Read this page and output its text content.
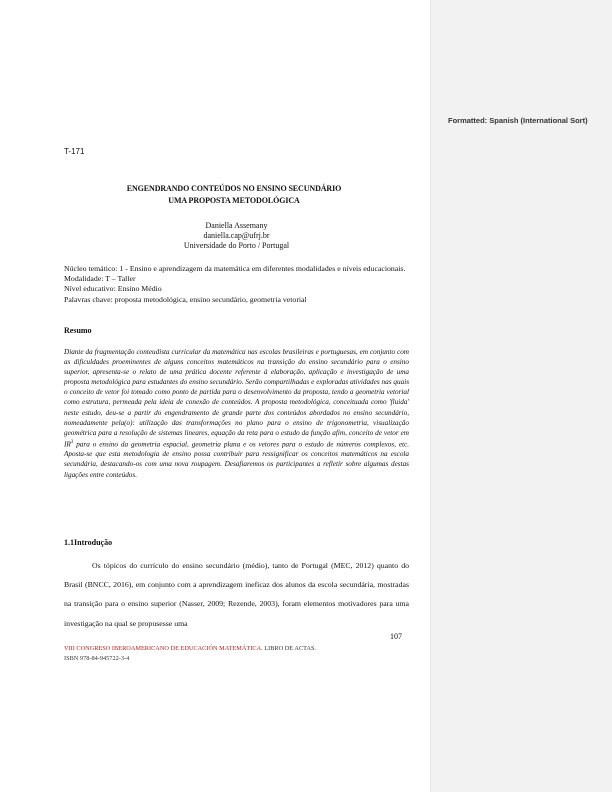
Formatted: Spanish (International Sort)
T-171
ENGENDRANDO CONTEÚDOS NO ENSINO SECUNDÁRIO
UMA PROPOSTA METODOLÓGICA
Daniella Assemany
daniella.cap@ufrj.br
Universidade do Porto / Portugal
Núcleo temático: 1 - Ensino e aprendizagem da matemática em diferentes modalidades e níveis educacionais.
Modalidade: T – Taller
Nível educativo: Ensino Médio
Palavras chave: proposta metodológica, ensino secundário, geometria vetorial
Resumo

Diante da fragmentação conteudista curricular da matemática nas escolas brasileiras e portuguesas, em conjunto com as dificuldades proeminentes de alguns conceitos matemáticos na transição do ensino secundário para o ensino superior, apresenta-se o relato de uma prática docente referente à elaboração, aplicação e investigação de uma proposta metodológica para estudantes do ensino secundário. Serão compartilhadas e exploradas atividades nas quais o conceito de vetor foi tomado como ponto de partida para o desenvolvimento da proposta, tendo a geometria vetorial como estrutura, permeada pela ideia de conexão de conteúdos. A proposta metodológica, conceituada como 'fluida' neste estudo, deu-se a partir do engendramento de grande parte dos conteúdos abordados no ensino secundário, nomeadamente pela(o): utilização das transformações no plano para o ensino de trigonometria, visualização geométrica para a resolução de sistemas lineares, equação da reta para o estudo da função afim, conceito de vetor em $IR^3$ para o ensino da geometria espacial, geometria plana e os vetores para o estudo de números complexos, etc. Aposta-se que esta metodologia de ensino possa contribuir para ressignificar os conceitos matemáticos na escola secundária, destacando-os com uma nova roupagem. Desafiaremos os participantes a refletir sobre algumas destas ligações entre conteúdos.

1.1Introdução

Os tópicos do currículo do ensino secundário (médio), tanto de Portugal (MEC, 2012) quanto do Brasil (BNCC, 2016), em conjunto com a aprendizagem ineficaz dos alunos da escola secundária, mostradas na transição para o ensino superior (Nasser, 2009; Rezende, 2003), foram elementos motivadores para uma investigação na qual se propusesse uma

107
VIII CONGRESO IBEROAMERICANO DE EDUCACIÓN MATEMÁTICA. LIBRO DE ACTAS.
ISBN 978-84-945722-3-4
